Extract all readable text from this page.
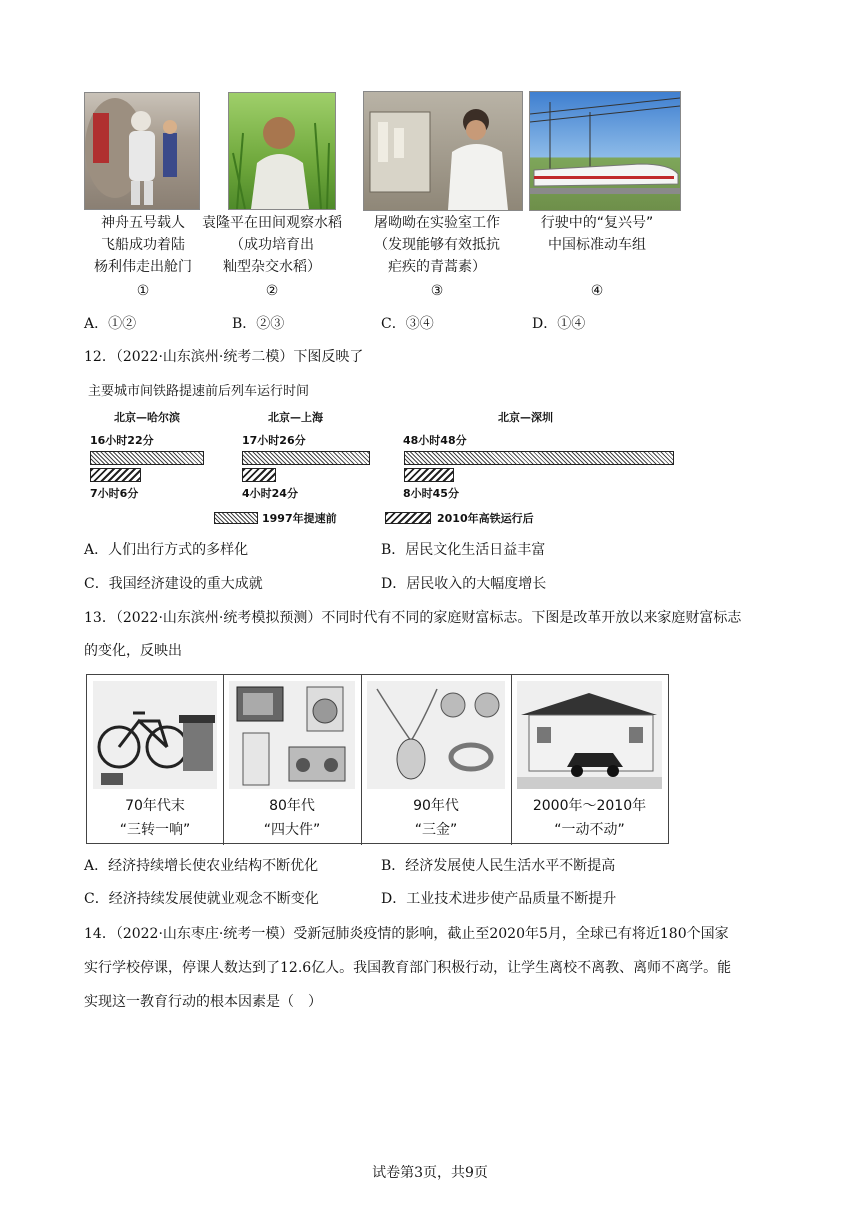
神舟五号载人
飞船成功着陆
杨利伟走出舱门
①
袁隆平在田间观察水稻
（成功培育出
籼型杂交水稻）
②
屠呦呦在实验室工作
（发现能够有效抵抗
疟疾的青蒿素）
③
行驶中的“复兴号”
中国标准动车组
④
A．①②	B．②③	C．③④	D．①④
12．（2022·山东滨州·统考二模）下图反映了
主要城市间铁路提速前后列车运行时间
北京—哈尔滨	北京—上海	北京—深圳
16小时22分	17小时26分	48小时48分
7小时6分	4小时24分	8小时45分
1997年提速前	2010年高铁运行后
A．人们出行方式的多样化	B．居民文化生活日益丰富
C．我国经济建设的重大成就	D．居民收入的大幅度增长
13．（2022·山东滨州·统考模拟预测）不同时代有不同的家庭财富标志。下图是改革开放以来家庭财富标志
的变化，反映出
70年代末
“三转一响”
80年代
“四大件”
90年代
“三金”
2000年～2010年
“一动不动”
A．经济持续增长使农业结构不断优化	B．经济发展使人民生活水平不断提高
C．经济持续发展使就业观念不断变化	D．工业技术进步使产品质量不断提升
14．（2022·山东枣庄·统考一模）受新冠肺炎疫情的影响，截止至2020年5月，全球已有将近180个国家
实行学校停课，停课人数达到了12.6亿人。我国教育部门积极行动，让学生离校不离教、离师不离学。能
实现这一教育行动的根本因素是（　）
试卷第3页，共9页
